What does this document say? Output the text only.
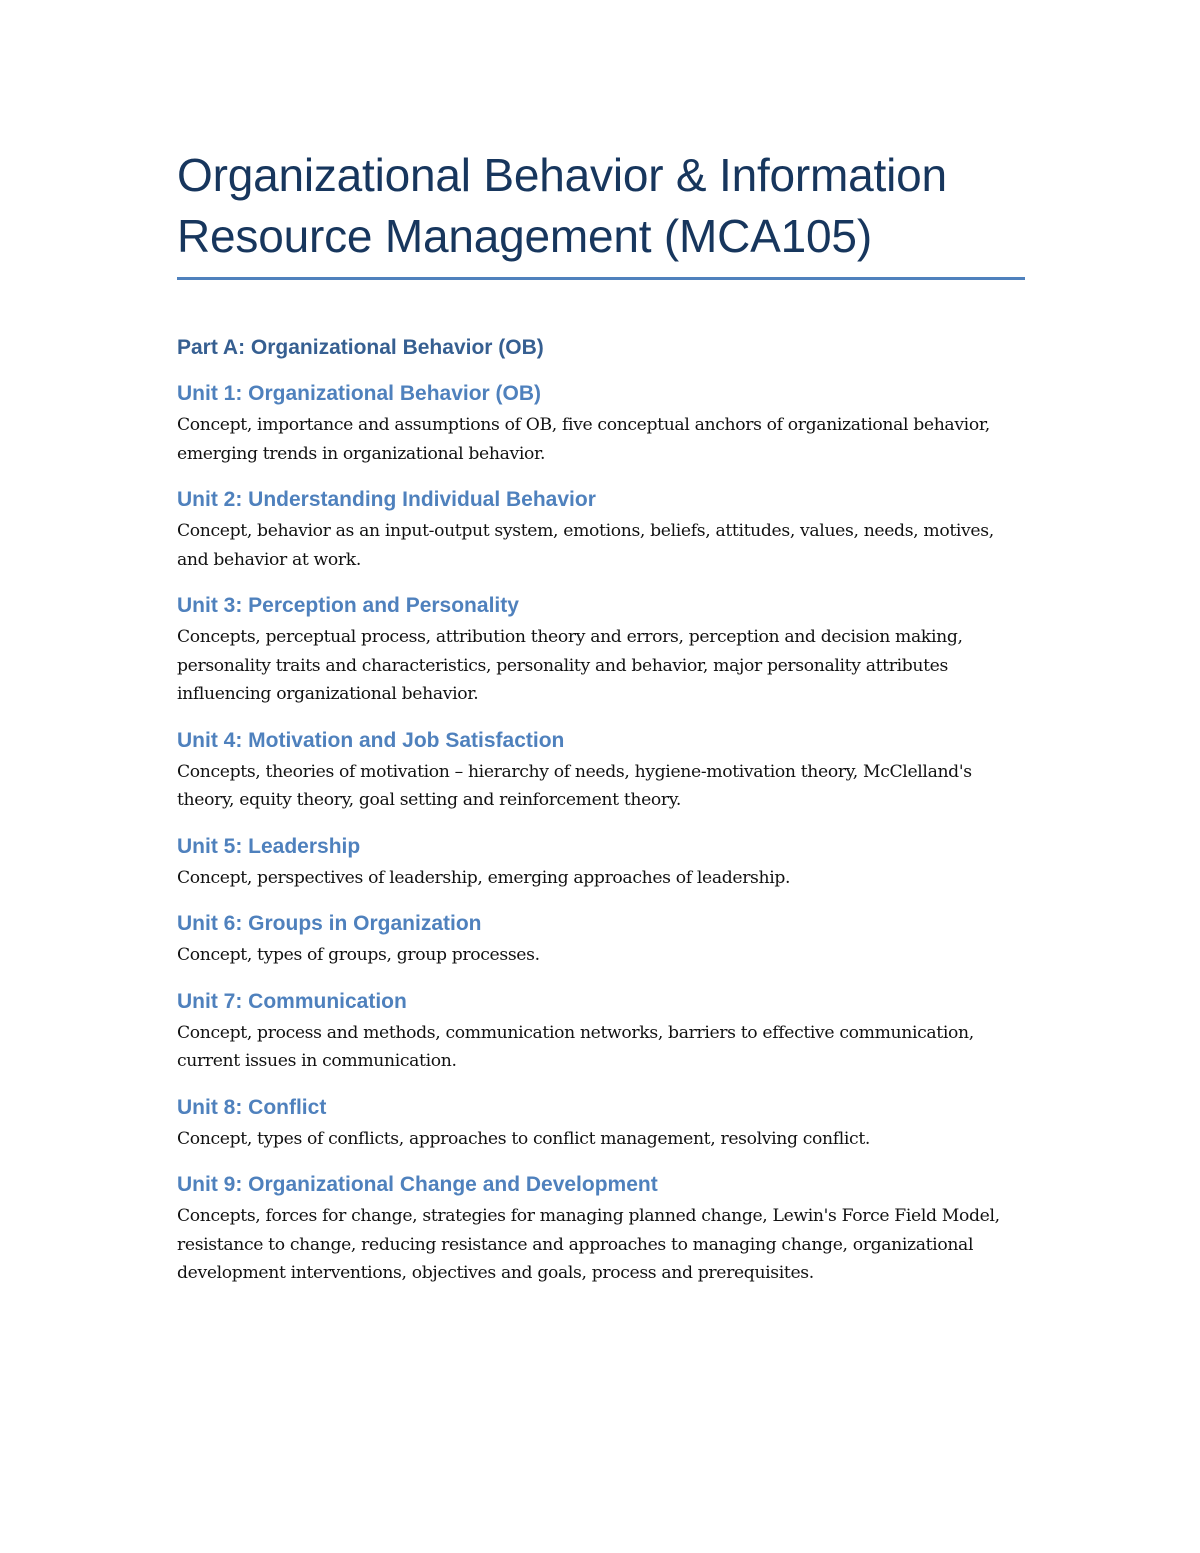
Organizational Behavior & Information
Resource Management (MCA105)
Part A: Organizational Behavior (OB)
Unit 1: Organizational Behavior (OB)

Concept, importance and assumptions of OB, five conceptual anchors of organizational behavior, emerging trends in organizational behavior.

Unit 2: Understanding Individual Behavior

Concept, behavior as an input-output system, emotions, beliefs, attitudes, values, needs, motives, and behavior at work.

Unit 3: Perception and Personality

Concepts, perceptual process, attribution theory and errors, perception and decision making, personality traits and characteristics, personality and behavior, major personality attributes influencing organizational behavior.

Unit 4: Motivation and Job Satisfaction

Concepts, theories of motivation – hierarchy of needs, hygiene-motivation theory, McClelland's theory, equity theory, goal setting and reinforcement theory.

Unit 5: Leadership

Concept, perspectives of leadership, emerging approaches of leadership.

Unit 6: Groups in Organization

Concept, types of groups, group processes.

Unit 7: Communication

Concept, process and methods, communication networks, barriers to effective communication, current issues in communication.

Unit 8: Conflict

Concept, types of conflicts, approaches to conflict management, resolving conflict.

Unit 9: Organizational Change and Development

Concepts, forces for change, strategies for managing planned change, Lewin's Force Field Model, resistance to change, reducing resistance and approaches to managing change, organizational development interventions, objectives and goals, process and prerequisites.
